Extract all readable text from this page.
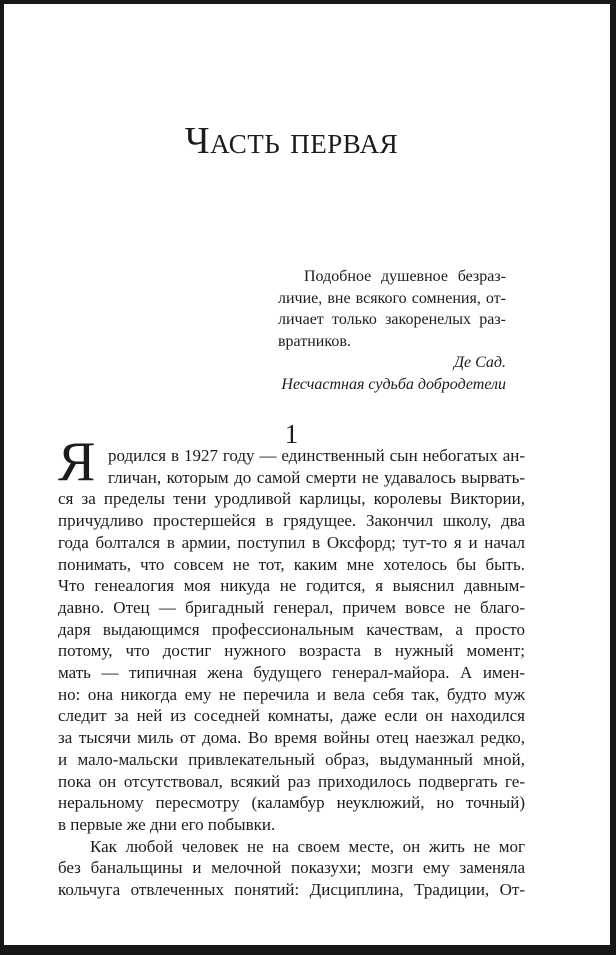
Часть первая
Подобное душевное безраз-
личие, вне всякого сомнения, от-
личает только закоренелых раз-
вратников.
Де Сад.
Несчастная судьба добродетели
1
Я родился в 1927 году — единственный сын небогатых ан-
гличан, которым до самой смерти не удавалось вырвать-
ся за пределы тени уродливой карлицы, королевы Виктории,
причудливо простершейся в грядущее. Закончил школу, два
года болтался в армии, поступил в Оксфорд; тут-то я и начал
понимать, что совсем не тот, каким мне хотелось бы быть.
Что генеалогия моя никуда не годится, я выяснил давным-
давно. Отец — бригадный генерал, причем вовсе не благо-
даря выдающимся профессиональным качествам, а просто
потому, что достиг нужного возраста в нужный момент;
мать — типичная жена будущего генерал-майора. А имен-
но: она никогда ему не перечила и вела себя так, будто муж
следит за ней из соседней комнаты, даже если он находился
за тысячи миль от дома. Во время войны отец наезжал редко,
и мало-мальски привлекательный образ, выдуманный мной,
пока он отсутствовал, всякий раз приходилось подвергать ге-
неральному пересмотру (каламбур неуклюжий, но точный)
в первые же дни его побывки.
Как любой человек не на своем месте, он жить не мог
без банальщины и мелочной показухи; мозги ему заменяла
кольчуга отвлеченных понятий: Дисциплина, Традиции, От-
